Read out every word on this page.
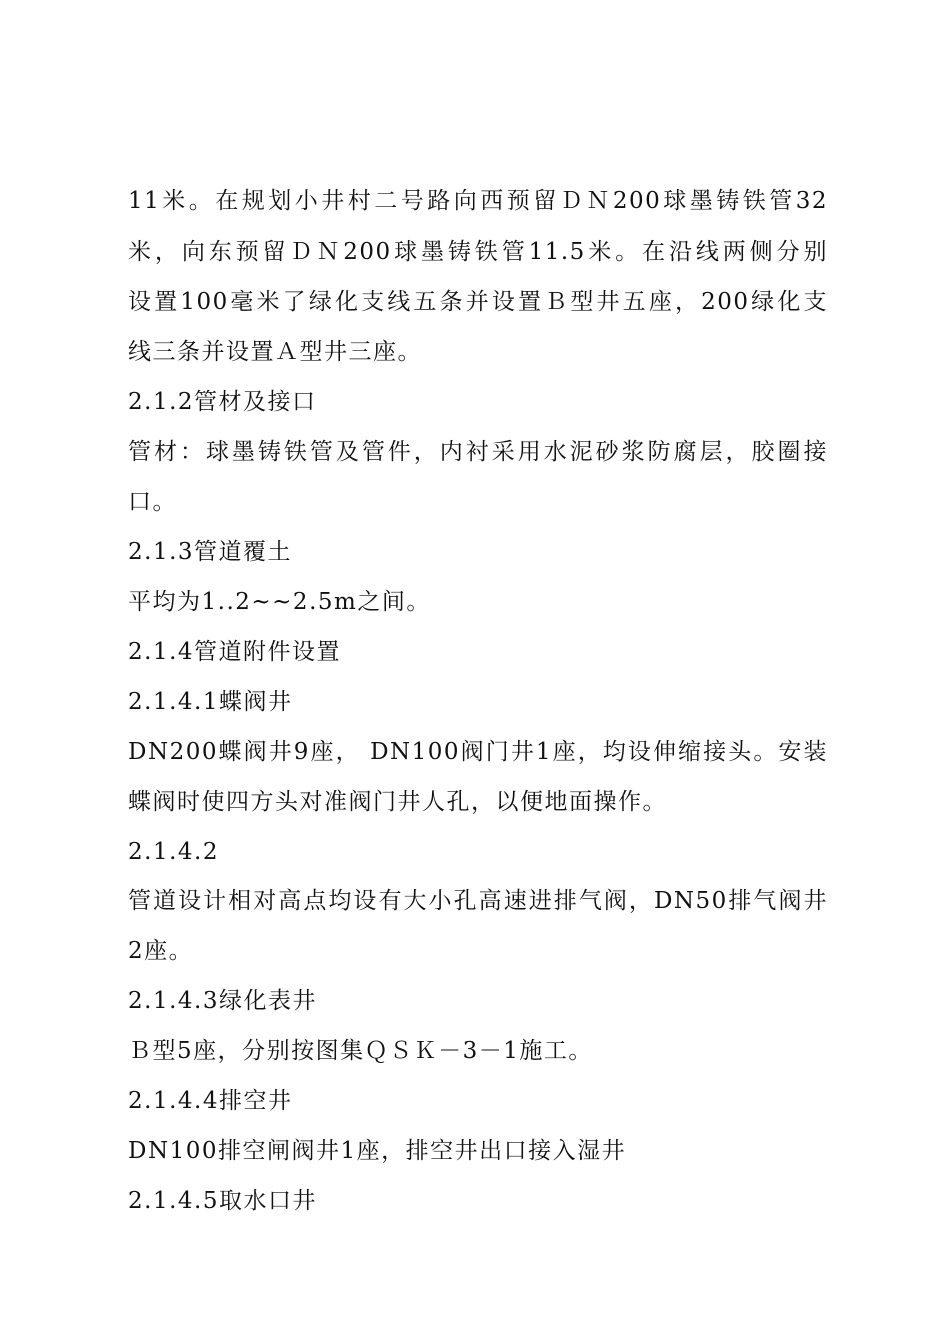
11米。在规划小井村二号路向西预留ＤＮ200球墨铸铁管32
米，向东预留ＤＮ200球墨铸铁管11.5米。在沿线两侧分别
设置100毫米了绿化支线五条并设置Ｂ型井五座，200绿化支
线三条并设置Ａ型井三座。
2.1.2管材及接口
管材：球墨铸铁管及管件，内衬采用水泥砂浆防腐层，胶圈接
口。
2.1.3管道覆土
平均为1..2~~2.5m之间。
2.1.4管道附件设置
2.1.4.1蝶阀井
DN200蝶阀井9座， DN100阀门井1座，均设伸缩接头。安装
蝶阀时使四方头对准阀门井人孔，以便地面操作。
2.1.4.2
管道设计相对高点均设有大小孔高速进排气阀，DN50排气阀井
2座。
2.1.4.3绿化表井
Ｂ型5座，分别按图集ＱＳＫ－3－1施工。
2.1.4.4排空井
DN100排空闸阀井1座，排空井出口接入湿井
2.1.4.5取水口井
